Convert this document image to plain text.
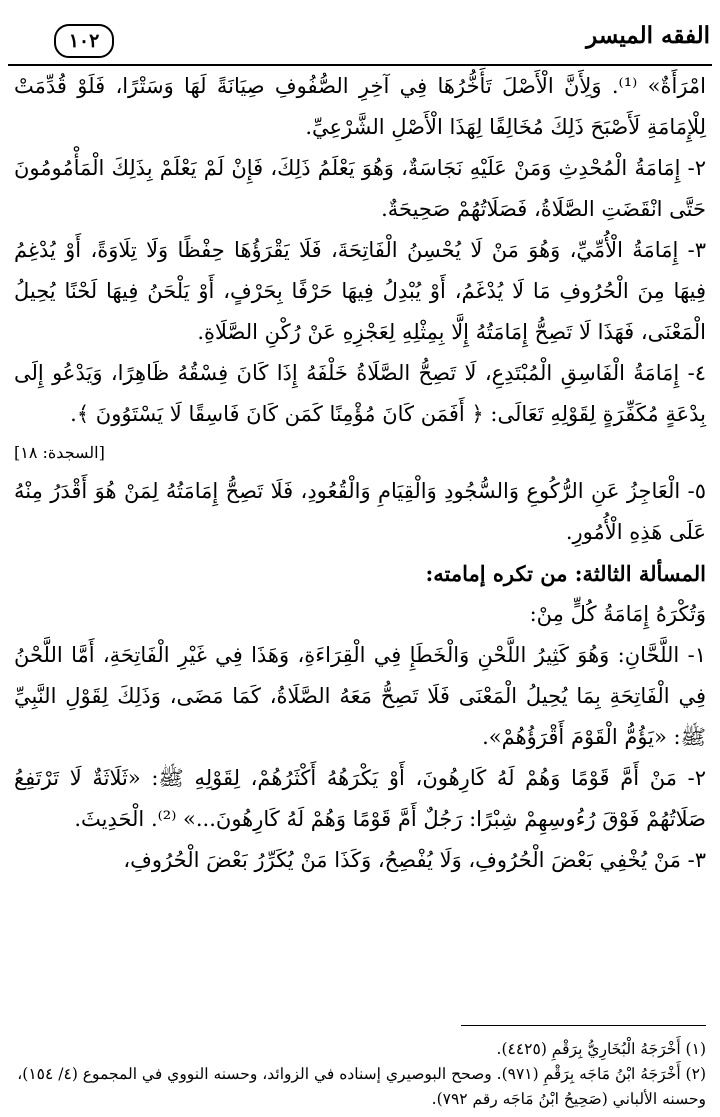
الفقه الميسر
١٠٢

امْرَأَةٌ» ⁽¹⁾. وَلِأَنَّ الْأَصْلَ تَأَخُّرُهَا فِي آخِرِ الصُّفُوفِ صِيَانَةً لَهَا وَسَتْرًا، فَلَوْ قُدِّمَتْ لِلْإِمَامَةِ لَأَصْبَحَ ذَلِكَ مُخَالِفًا لِهَذَا الْأَصْلِ الشَّرْعِيِّ.

٢- إِمَامَةُ الْمُحْدِثِ وَمَنْ عَلَيْهِ نَجَاسَةٌ، وَهُوَ يَعْلَمُ ذَلِكَ، فَإِنْ لَمْ يَعْلَمْ بِذَلِكَ الْمَأْمُومُونَ حَتَّى انْقَضَتِ الصَّلَاةُ، فَصَلَاتُهُمْ صَحِيحَةٌ.

٣- إِمَامَةُ الْأُمِّيِّ، وَهُوَ مَنْ لَا يُحْسِنُ الْفَاتِحَةَ، فَلَا يَقْرَؤُهَا حِفْظًا وَلَا تِلَاوَةً، أَوْ يُدْغِمُ فِيهَا مِنَ الْحُرُوفِ مَا لَا يُدْغَمُ، أَوْ يُبْدِلُ فِيهَا حَرْفًا بِحَرْفٍ، أَوْ يَلْحَنُ فِيهَا لَحْنًا يُحِيلُ الْمَعْنَى، فَهَذَا لَا تَصِحُّ إِمَامَتُهُ إِلَّا بِمِثْلِهِ لِعَجْزِهِ عَنْ رُكْنِ الصَّلَاةِ.

٤- إِمَامَةُ الْفَاسِقِ الْمُبْتَدِعِ، لَا تَصِحُّ الصَّلَاةُ خَلْفَهُ إِذَا كَانَ فِسْقُهُ ظَاهِرًا، وَيَدْعُو إِلَى بِدْعَةٍ مُكَفِّرَةٍ لِقَوْلِهِ تَعَالَى: ﴿ أَفَمَن كَانَ مُؤْمِنًا كَمَن كَانَ فَاسِقًا لَا يَسْتَوُونَ ﴾.

[السجدة: ١٨]

٥- الْعَاجِزُ عَنِ الرُّكُوعِ وَالسُّجُودِ وَالْقِيَامِ وَالْقُعُودِ، فَلَا تَصِحُّ إِمَامَتُهُ لِمَنْ هُوَ أَقْدَرُ مِنْهُ عَلَى هَذِهِ الْأُمُورِ.

المسألة الثالثة: من تكره إمامته:

وَتُكْرَهُ إِمَامَةُ كُلٍّ مِنْ:

١- اللَّحَّانِ: وَهُوَ كَثِيرُ اللَّحْنِ وَالْخَطَإِ فِي الْقِرَاءَةِ، وَهَذَا فِي غَيْرِ الْفَاتِحَةِ، أَمَّا اللَّحْنُ فِي الْفَاتِحَةِ بِمَا يُحِيلُ الْمَعْنَى فَلَا تَصِحُّ مَعَهُ الصَّلَاةُ، كَمَا مَضَى، وَذَلِكَ لِقَوْلِ النَّبِيِّ ﷺ: «يَؤُمُّ الْقَوْمَ أَقْرَؤُهُمْ».

٢- مَنْ أَمَّ قَوْمًا وَهُمْ لَهُ كَارِهُونَ، أَوْ يَكْرَهُهُ أَكْثَرُهُمْ، لِقَوْلِهِ ﷺ: «ثَلَاثَةٌ لَا تَرْتَفِعُ صَلَاتُهُمْ فَوْقَ رُءُوسِهِمْ شِبْرًا: رَجُلٌ أَمَّ قَوْمًا وَهُمْ لَهُ كَارِهُونَ...» ⁽²⁾. الْحَدِيثَ.

٣- مَنْ يُخْفِي بَعْضَ الْحُرُوفِ، وَلَا يُفْصِحُ، وَكَذَا مَنْ يُكَرِّرُ بَعْضَ الْحُرُوفِ،

(١) أَخْرَجَهُ الْبُخَارِيُّ بِرَقْمِ (٤٤٢٥).

(٢) أَخْرَجَهُ ابْنُ مَاجَه بِرَقْمِ (٩٧١). وصحح البوصيري إسناده في الزوائد، وحسنه النووي في المجموع (٤/ ١٥٤)، وحسنه الألباني (صَحِيحُ ابْنُ مَاجَه رقم ٧٩٢).
